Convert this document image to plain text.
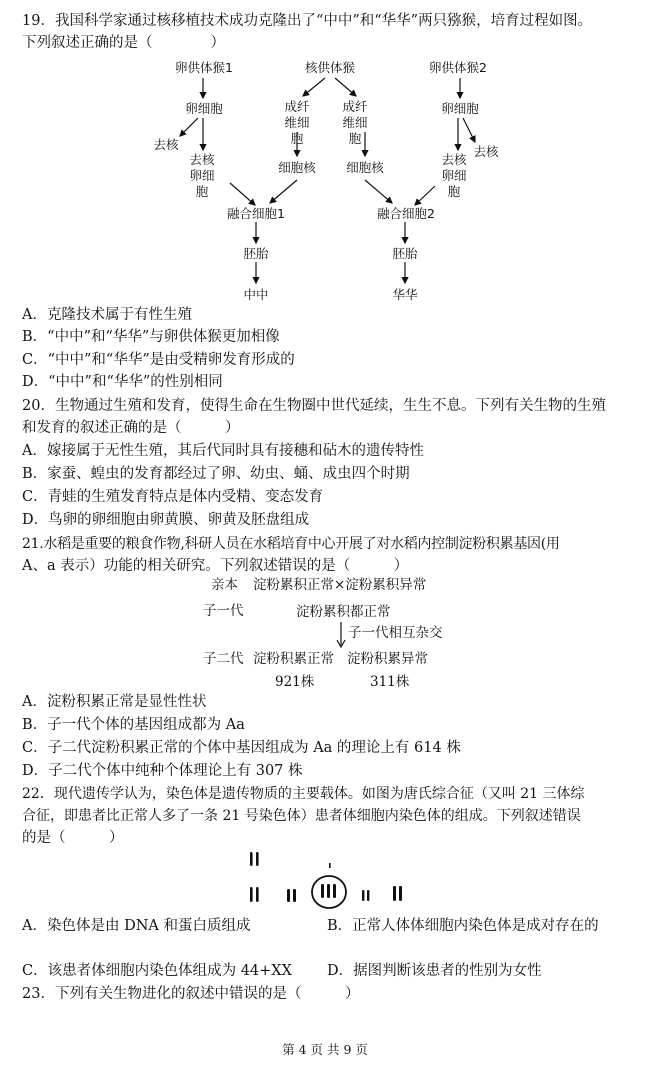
19．我国科学家通过核移植技术成功克隆出了“中中”和“华华”两只猕猴，培育过程如图。
下列叙述正确的是（　　　　）
卵供体猴1	核供体猴	卵供体猴2
卵细胞	卵细胞
成纤维细胞
成纤维细胞
去核	去核
去核卵细胞
去核卵细胞
细胞核 细胞核
融合细胞1	融合细胞2
胚胎	胚胎
中中	华华
A．克隆技术属于有性生殖
B．“中中”和“华华”与卵供体猴更加相像
C．“中中”和“华华”是由受精卵发育形成的
D．“中中”和“华华”的性别相同
20．生物通过生殖和发育，使得生命在生物圈中世代延续，生生不息。下列有关生物的生殖
和发育的叙述正确的是（　　　）
A．嫁接属于无性生殖，其后代同时具有接穗和砧木的遗传特性
B．家蚕、蝗虫的发育都经过了卵、幼虫、蛹、成虫四个时期
C．青蛙的生殖发育特点是体内受精、变态发育
D．鸟卵的卵细胞由卵黄膜、卵黄及胚盘组成
21.水稻是重要的粮食作物,科研人员在水稻培育中心开展了对水稻内控制淀粉积累基因(用
A、a 表示）功能的相关研究。下列叙述错误的是（　　　）
亲本 淀粉累积正常×淀粉累积异常
子一代	淀粉累积都正常
子一代相互杂交
子二代 淀粉积累正常 淀粉积累异常
921株	311株
A．淀粉积累正常是显性性状
B．子一代个体的基因组成都为 Aa
C．子二代淀粉积累正常的个体中基因组成为 Aa 的理论上有 614 株
D．子二代个体中纯种个体理论上有 307 株
22．现代遗传学认为，染色体是遗传物质的主要载体。如图为唐氏综合征（又叫 21 三体综
合征，即患者比正常人多了一条 21 号染色体）患者体细胞内染色体的组成。下列叙述错误
的是（　　　）
A．染色体是由 DNA 和蛋白质组成	B．正常人体体细胞内染色体是成对存在的
C．该患者体细胞内染色体组成为 44+XX D．据图判断该患者的性别为女性
23．下列有关生物进化的叙述中错误的是（　　　）
第 4 页 共 9 页
